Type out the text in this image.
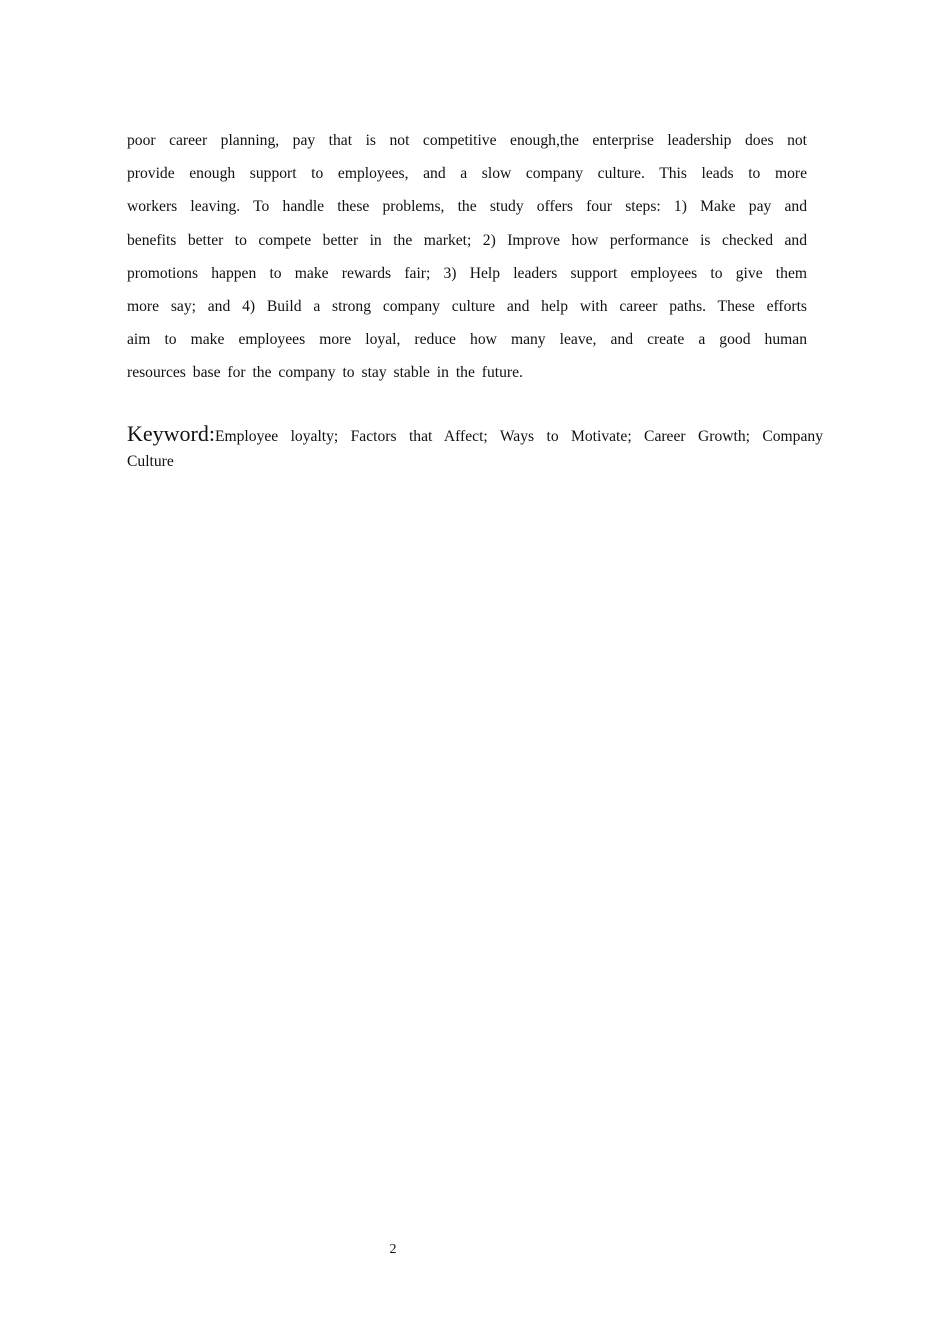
poor career planning, pay that is not competitive enough,the enterprise leadership does not
provide enough support to employees, and a slow company culture. This leads to more
workers leaving. To handle these problems, the study offers four steps: 1) Make pay and
benefits better to compete better in the market; 2) Improve how performance is checked and
promotions happen to make rewards fair; 3) Help leaders support employees to give them
more say; and 4) Build a strong company culture and help with career paths. These efforts
aim to make employees more loyal, reduce how many leave, and create a good human
resources base for the company to stay stable in the future.

Keyword:Employee loyalty; Factors that Affect; Ways to Motivate; Career Growth; Company
Culture

2
